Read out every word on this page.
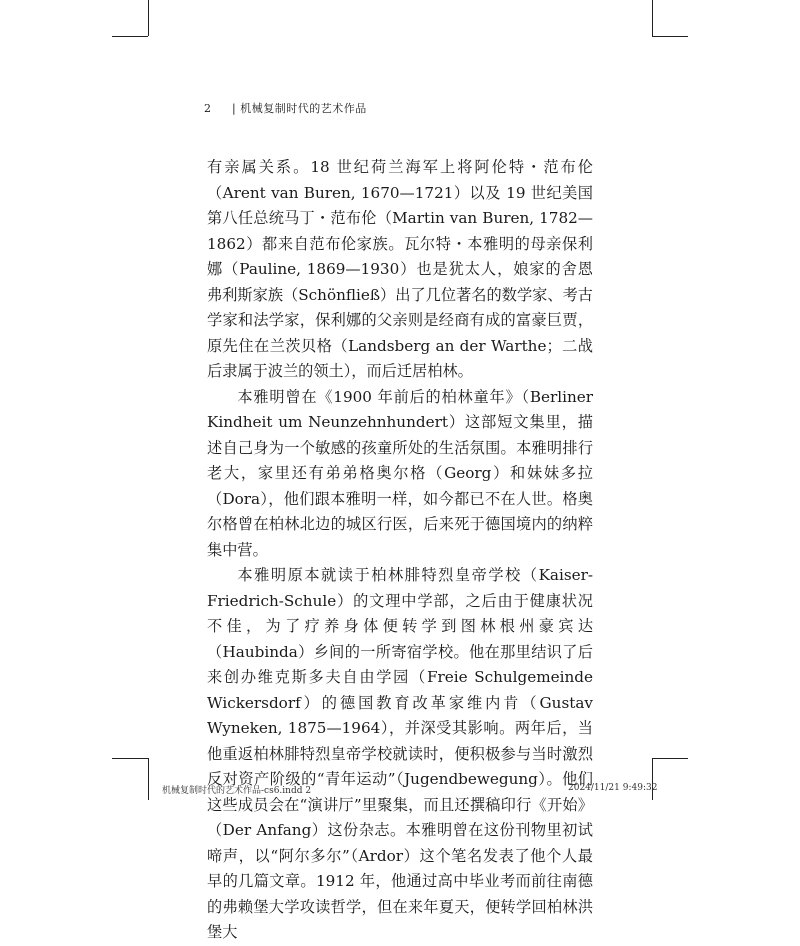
2 | 机械复制时代的艺术作品

有亲属关系。18 世纪荷兰海军上将阿伦特・范布伦（Arent van Buren, 1670—1721）以及 19 世纪美国第八任总统马丁・范布伦（Martin van Buren, 1782—1862）都来自范布伦家族。瓦尔特・本雅明的母亲保利娜（Pauline, 1869—1930）也是犹太人，娘家的舍恩弗利斯家族（Schönfließ）出了几位著名的数学家、考古学家和法学家，保利娜的父亲则是经商有成的富豪巨贾，原先住在兰茨贝格（Landsberg an der Warthe；二战后隶属于波兰的领土），而后迁居柏林。

本雅明曾在《1900 年前后的柏林童年》（Berliner Kindheit um Neunzehnhundert）这部短文集里，描述自己身为一个敏感的孩童所处的生活氛围。本雅明排行老大，家里还有弟弟格奥尔格（Georg）和妹妹多拉（Dora），他们跟本雅明一样，如今都已不在人世。格奥尔格曾在柏林北边的城区行医，后来死于德国境内的纳粹集中营。

本雅明原本就读于柏林腓特烈皇帝学校（Kaiser-Friedrich-Schule）的文理中学部，之后由于健康状况不佳，为了疗养身体便转学到图林根州豪宾达（Haubinda）乡间的一所寄宿学校。他在那里结识了后来创办维克斯多夫自由学园（Freie Schulgemeinde Wickersdorf）的德国教育改革家维内肯（Gustav Wyneken, 1875—1964），并深受其影响。两年后，当他重返柏林腓特烈皇帝学校就读时，便积极参与当时激烈反对资产阶级的“青年运动”（Jugendbewegung）。他们这些成员会在“演讲厅”里聚集，而且还撰稿印行《开始》（Der Anfang）这份杂志。本雅明曾在这份刊物里初试啼声，以“阿尔多尔”（Ardor）这个笔名发表了他个人最早的几篇文章。1912 年，他通过高中毕业考而前往南德的弗赖堡大学攻读哲学，但在来年夏天，便转学回柏林洪堡大

机械复制时代的艺术作品-cs6.indd 2	2024/11/21 9:49:32
